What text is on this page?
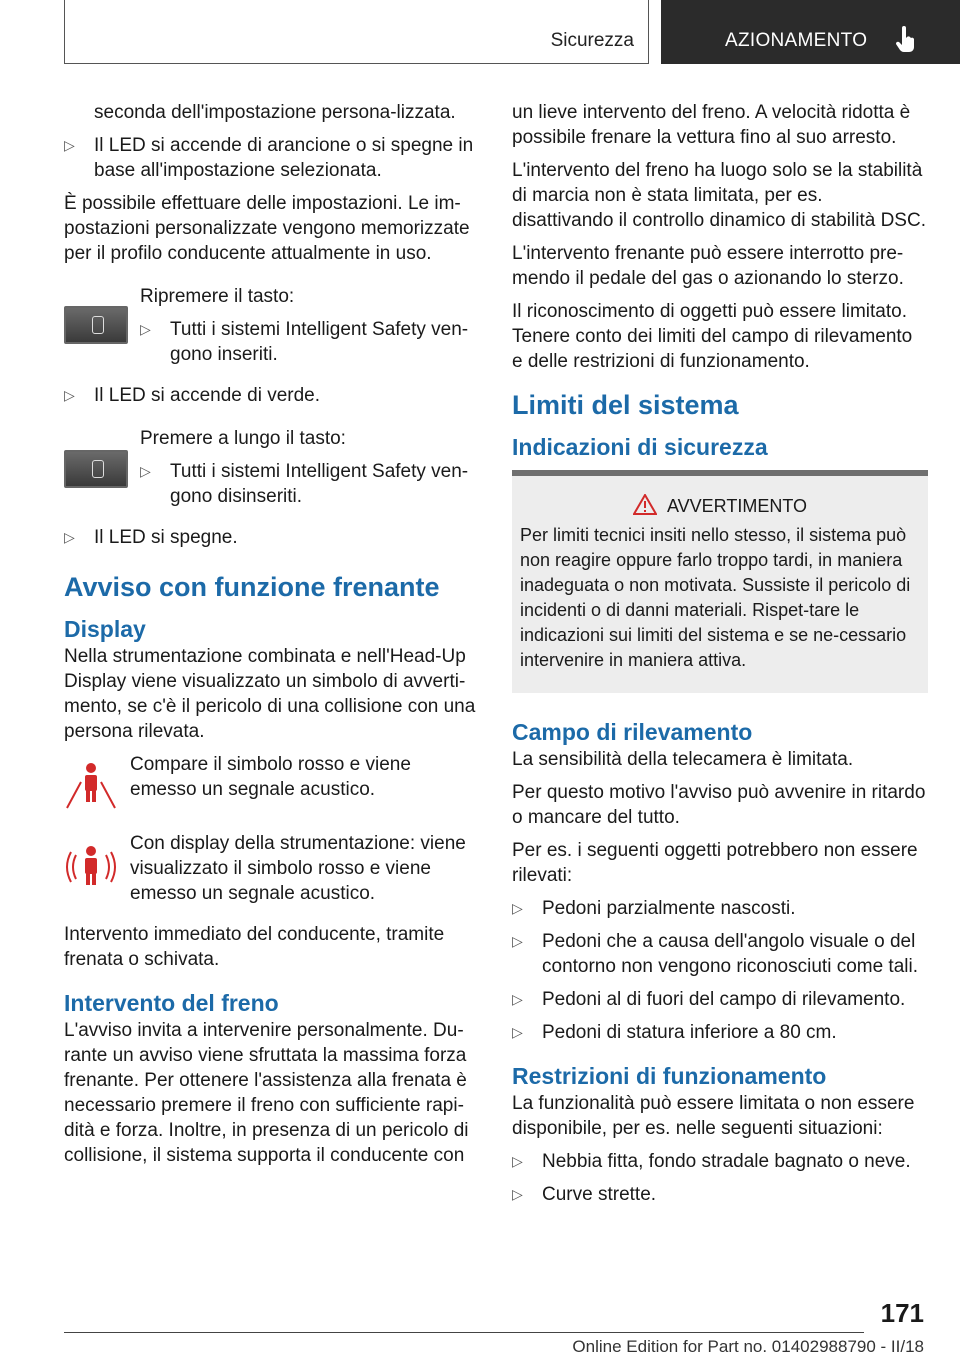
Sicurezza	AZIONAMENTO

seconda dell'impostazione persona-lizzata.

▷ Il LED si accende di arancione o si spegne in base all'impostazione selezionata.

È possibile effettuare delle impostazioni. Le im-postazioni personalizzate vengono memorizzate per il profilo conducente attualmente in uso.

Ripremere il tasto:

▷ Tutti i sistemi Intelligent Safety ven-gono inseriti.
▷ Il LED si accende di verde.

Premere a lungo il tasto:

▷ Tutti i sistemi Intelligent Safety ven-gono disinseriti.
▷ Il LED si spegne.
Avviso con funzione frenante
Display

Nella strumentazione combinata e nell'Head-Up Display viene visualizzato un simbolo di avverti-mento, se c'è il pericolo di una collisione con una persona rilevata.

Compare il simbolo rosso e viene emesso un segnale acustico.
Con display della strumentazione: viene visualizzato il simbolo rosso e viene emesso un segnale acustico.

Intervento immediato del conducente, tramite frenata o schivata.

Intervento del freno

L'avviso invita a intervenire personalmente. Du-rante un avviso viene sfruttata la massima forza frenante. Per ottenere l'assistenza alla frenata è necessario premere il freno con sufficiente rapi-dità e forza. Inoltre, in presenza di un pericolo di collisione, il sistema supporta il conducente con

un lieve intervento del freno. A velocità ridotta è possibile frenare la vettura fino al suo arresto.

L'intervento del freno ha luogo solo se la stabilità di marcia non è stata limitata, per es. disattivando il controllo dinamico di stabilità DSC.

L'intervento frenante può essere interrotto pre-mendo il pedale del gas o azionando lo sterzo.

Il riconoscimento di oggetti può essere limitato. Tenere conto dei limiti del campo di rilevamento e delle restrizioni di funzionamento.

Limiti del sistema
Indicazioni di sicurezza
AVVERTIMENTO
Per limiti tecnici insiti nello stesso, il sistema può non reagire oppure farlo troppo tardi, in maniera inadeguata o non motivata. Sussiste il pericolo di incidenti o di danni materiali. Rispet-tare le indicazioni sui limiti del sistema e se ne-cessario intervenire in maniera attiva.
Campo di rilevamento

La sensibilità della telecamera è limitata.

Per questo motivo l'avviso può avvenire in ritardo o mancare del tutto.

Per es. i seguenti oggetti potrebbero non essere rilevati:

▷ Pedoni parzialmente nascosti.
▷ Pedoni che a causa dell'angolo visuale o del contorno non vengono riconosciuti come tali.
▷ Pedoni al di fuori del campo di rilevamento.
▷ Pedoni di statura inferiore a 80 cm.
Restrizioni di funzionamento

La funzionalità può essere limitata o non essere disponibile, per es. nelle seguenti situazioni:

▷ Nebbia fitta, fondo stradale bagnato o neve.
▷ Curve strette.
171
Online Edition for Part no. 01402988790 - II/18
